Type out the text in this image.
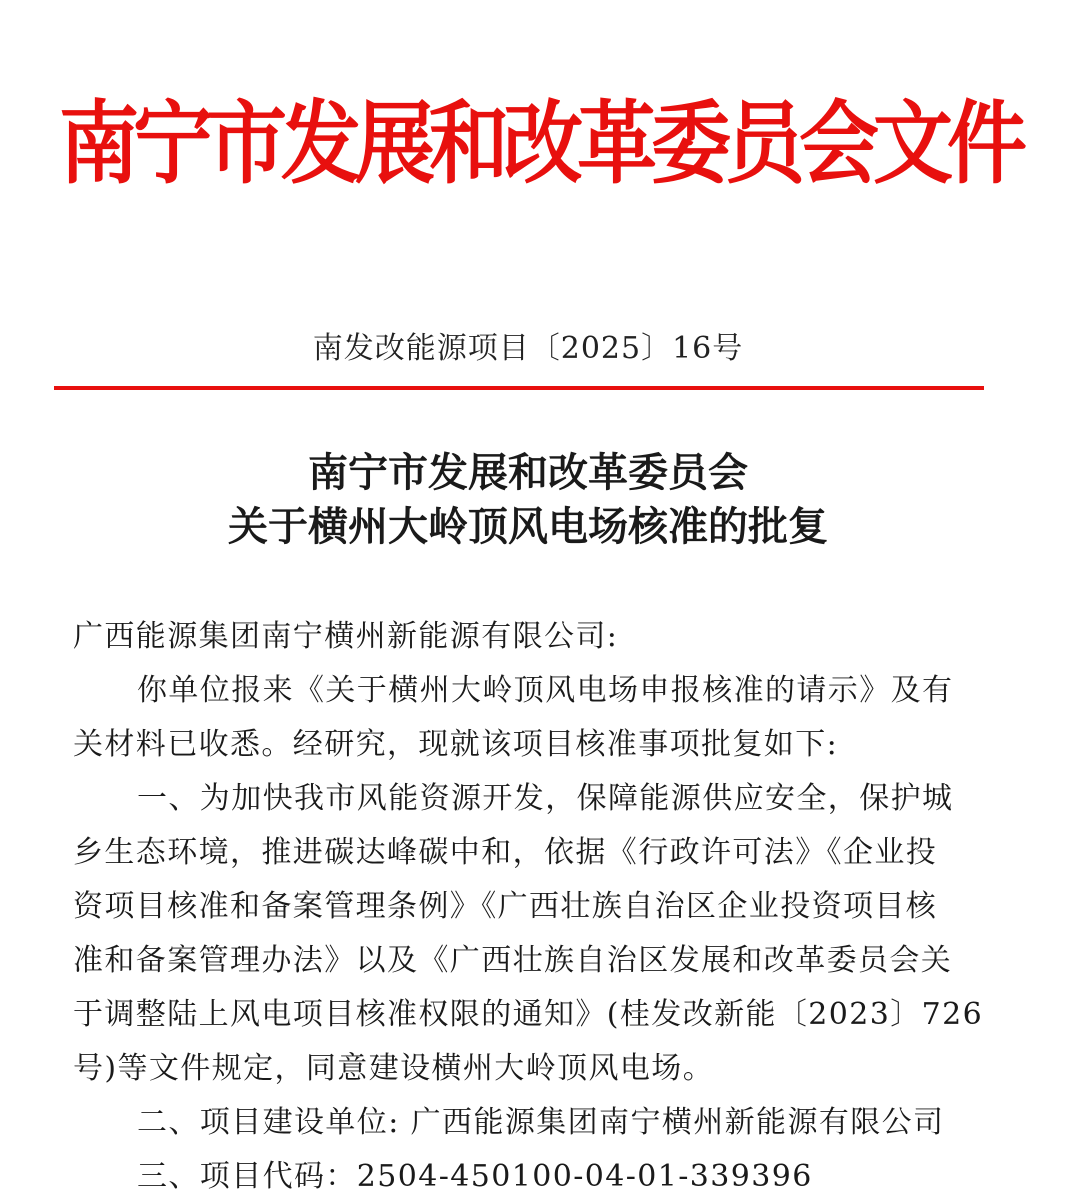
南宁市发展和改革委员会文件
南发改能源项目〔2025〕16号
南宁市发展和改革委员会
关于横州大岭顶风电场核准的批复
广西能源集团南宁横州新能源有限公司:
你单位报来《关于横州大岭顶风电场申报核准的请示》及有
关材料已收悉。经研究，现就该项目核准事项批复如下:
一、为加快我市风能资源开发，保障能源供应安全，保护城
乡生态环境，推进碳达峰碳中和，依据《行政许可法》《企业投
资项目核准和备案管理条例》《广西壮族自治区企业投资项目核
准和备案管理办法》以及《广西壮族自治区发展和改革委员会关
于调整陆上风电项目核准权限的通知》(桂发改新能〔2023〕726
号)等文件规定，同意建设横州大岭顶风电场。
二、项目建设单位: 广西能源集团南宁横州新能源有限公司
三、项目代码：2504-450100-04-01-339396
